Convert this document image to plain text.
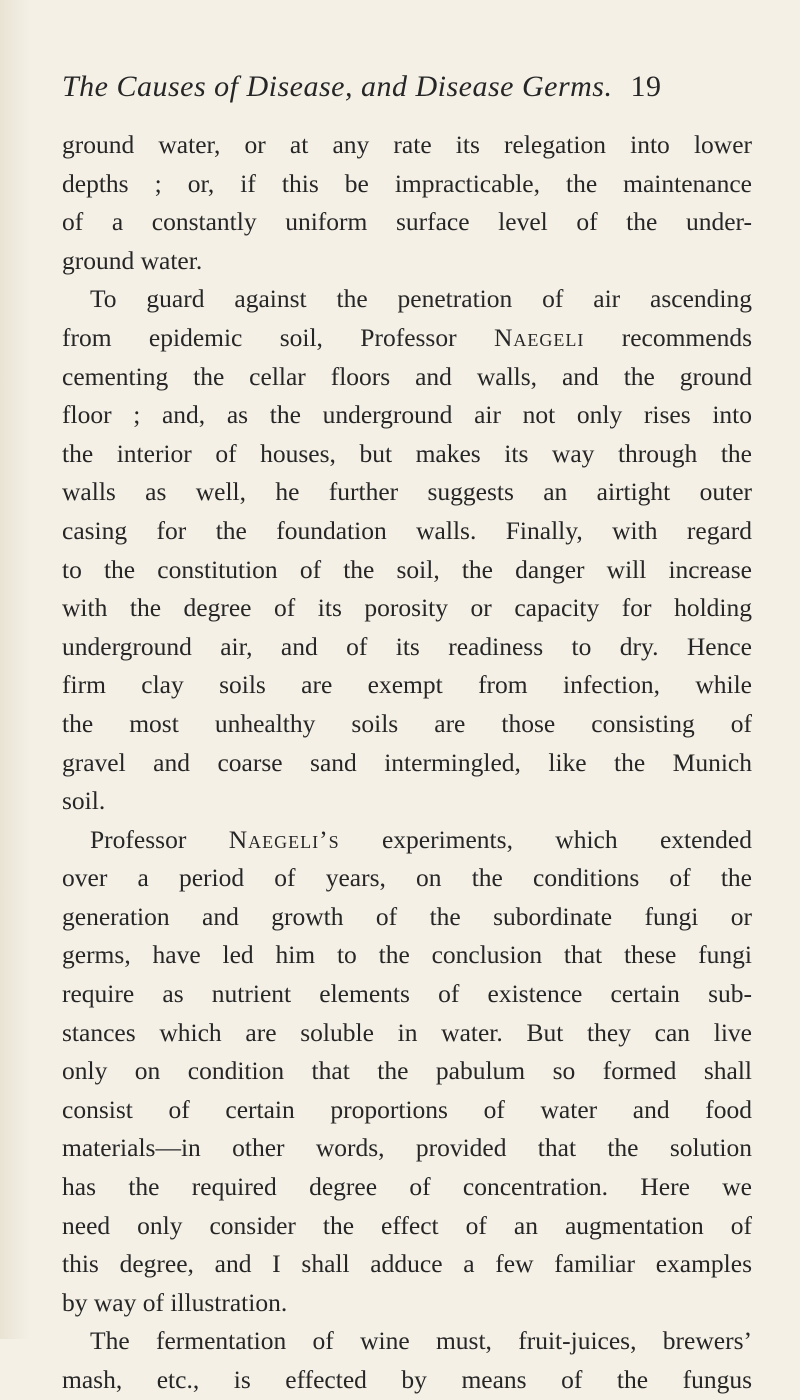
The Causes of Disease, and Disease Germs. 19
ground water, or at any rate its relegation into lower
depths ; or, if this be impracticable, the maintenance
of a constantly uniform surface level of the under-
ground water.
To guard against the penetration of air ascending
from epidemic soil, Professor Naegeli recommends
cementing the cellar floors and walls, and the ground
floor ; and, as the underground air not only rises into
the interior of houses, but makes its way through the
walls as well, he further suggests an airtight outer
casing for the foundation walls. Finally, with regard
to the constitution of the soil, the danger will increase
with the degree of its porosity or capacity for holding
underground air, and of its readiness to dry. Hence
firm clay soils are exempt from infection, while
the most unhealthy soils are those consisting of
gravel and coarse sand intermingled, like the Munich
soil.
Professor Naegeli’s experiments, which extended
over a period of years, on the conditions of the
generation and growth of the subordinate fungi or
germs, have led him to the conclusion that these fungi
require as nutrient elements of existence certain sub-
stances which are soluble in water. But they can live
only on condition that the pabulum so formed shall
consist of certain proportions of water and food
materials—in other words, provided that the solution
has the required degree of concentration. Here we
need only consider the effect of an augmentation of
this degree, and I shall adduce a few familiar examples
by way of illustration.
The fermentation of wine must, fruit-juices, brewers’
mash, etc., is effected by means of the fungus
